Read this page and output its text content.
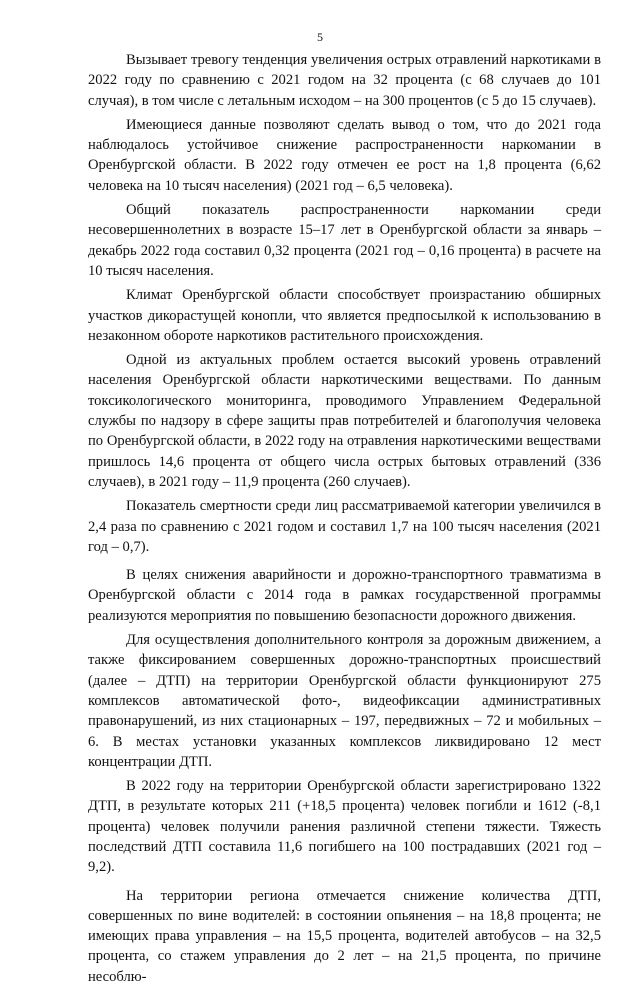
5

Вызывает тревогу тенденция увеличения острых отравлений наркотиками в 2022 году по сравнению с 2021 годом на 32 процента (с 68 случаев до 101 случая), в том числе с летальным исходом – на 300 процентов (с 5 до 15 случаев).

Имеющиеся данные позволяют сделать вывод о том, что до 2021 года наблюдалось устойчивое снижение распространенности наркомании в Оренбургской области. В 2022 году отмечен ее рост на 1,8 процента (6,62 человека на 10 тысяч населения) (2021 год – 6,5 человека).

Общий показатель распространенности наркомании среди несовершеннолетних в возрасте 15–17 лет в Оренбургской области за январь – декабрь 2022 года составил 0,32 процента (2021 год – 0,16 процента) в расчете на 10 тысяч населения.

Климат Оренбургской области способствует произрастанию обширных участков дикорастущей конопли, что является предпосылкой к использованию в незаконном обороте наркотиков растительного происхождения.

Одной из актуальных проблем остается высокий уровень отравлений населения Оренбургской области наркотическими веществами. По данным токсикологического мониторинга, проводимого Управлением Федеральной службы по надзору в сфере защиты прав потребителей и благополучия человека по Оренбургской области, в 2022 году на отравления наркотическими веществами пришлось 14,6 процента от общего числа острых бытовых отравлений (336 случаев), в 2021 году – 11,9 процента (260 случаев).

Показатель смертности среди лиц рассматриваемой категории увеличился в 2,4 раза по сравнению с 2021 годом и составил 1,7 на 100 тысяч населения (2021 год – 0,7).

В целях снижения аварийности и дорожно-транспортного травматизма в Оренбургской области с 2014 года в рамках государственной программы реализуются мероприятия по повышению безопасности дорожного движения.

Для осуществления дополнительного контроля за дорожным движением, а также фиксированием совершенных дорожно-транспортных происшествий (далее – ДТП) на территории Оренбургской области функционируют 275 комплексов автоматической фото-, видеофиксации административных правонарушений, из них стационарных – 197, передвижных – 72 и мобильных – 6. В местах установки указанных комплексов ликвидировано 12 мест концентрации ДТП.

В 2022 году на территории Оренбургской области зарегистрировано 1322 ДТП, в результате которых 211 (+18,5 процента) человек погибли и 1612 (-8,1 процента) человек получили ранения различной степени тяжести. Тяжесть последствий ДТП составила 11,6 погибшего на 100 пострадавших (2021 год – 9,2).

На территории региона отмечается снижение количества ДТП, совершенных по вине водителей: в состоянии опьянения – на 18,8 процента; не имеющих права управления – на 15,5 процента, водителей автобусов – на 32,5 процента, со стажем управления до 2 лет – на 21,5 процента, по причине несоблю-
